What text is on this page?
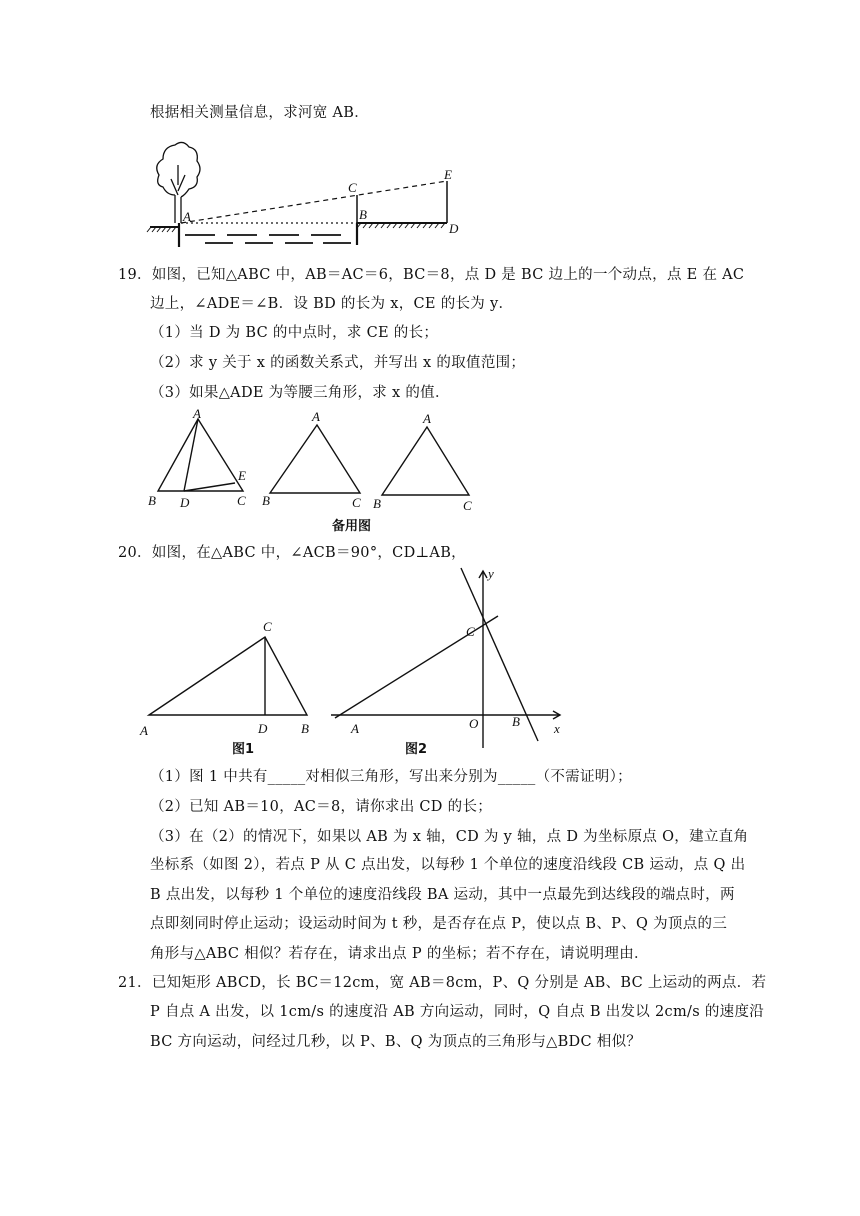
根据相关测量信息，求河宽 AB．
19．如图，已知△ABC 中，AB＝AC＝6，BC＝8，点 D 是 BC 边上的一个动点，点 E 在 AC
边上，∠ADE＝∠B．设 BD 的长为 x，CE 的长为 y．
（1）当 D 为 BC 的中点时，求 CE 的长；
（2）求 y 关于 x 的函数关系式，并写出 x 的取值范围；
（3）如果△ADE 为等腰三角形，求 x 的值．
20．如图，在△ABC 中，∠ACB＝90°，CD⊥AB，
（1）图 1 中共有_____对相似三角形，写出来分别为_____（不需证明）；
（2）已知 AB＝10，AC＝8，请你求出 CD 的长；
（3）在（2）的情况下，如果以 AB 为 x 轴，CD 为 y 轴，点 D 为坐标原点 O，建立直角
坐标系（如图 2），若点 P 从 C 点出发，以每秒 1 个单位的速度沿线段 CB 运动，点 Q 出
B 点出发，以每秒 1 个单位的速度沿线段 BA 运动，其中一点最先到达线段的端点时，两
点即刻同时停止运动；设运动时间为 t 秒，是否存在点 P，使以点 B、P、Q 为顶点的三
角形与△ABC 相似？若存在，请求出点 P 的坐标；若不存在，请说明理由．
21．已知矩形 ABCD，长 BC＝12cm，宽 AB＝8cm，P、Q 分别是 AB、BC 上运动的两点．若
P 自点 A 出发，以 1cm/s 的速度沿 AB 方向运动，同时，Q 自点 B 出发以 2cm/s 的速度沿
BC 方向运动，问经过几秒，以 P、B、Q 为顶点的三角形与△BDC 相似？
A	B
C
D
E
A
B D	C
E
A
B	C
A
B	C
备用图
A
C
D	B
图1
y
x
C
A	O	B
图2
